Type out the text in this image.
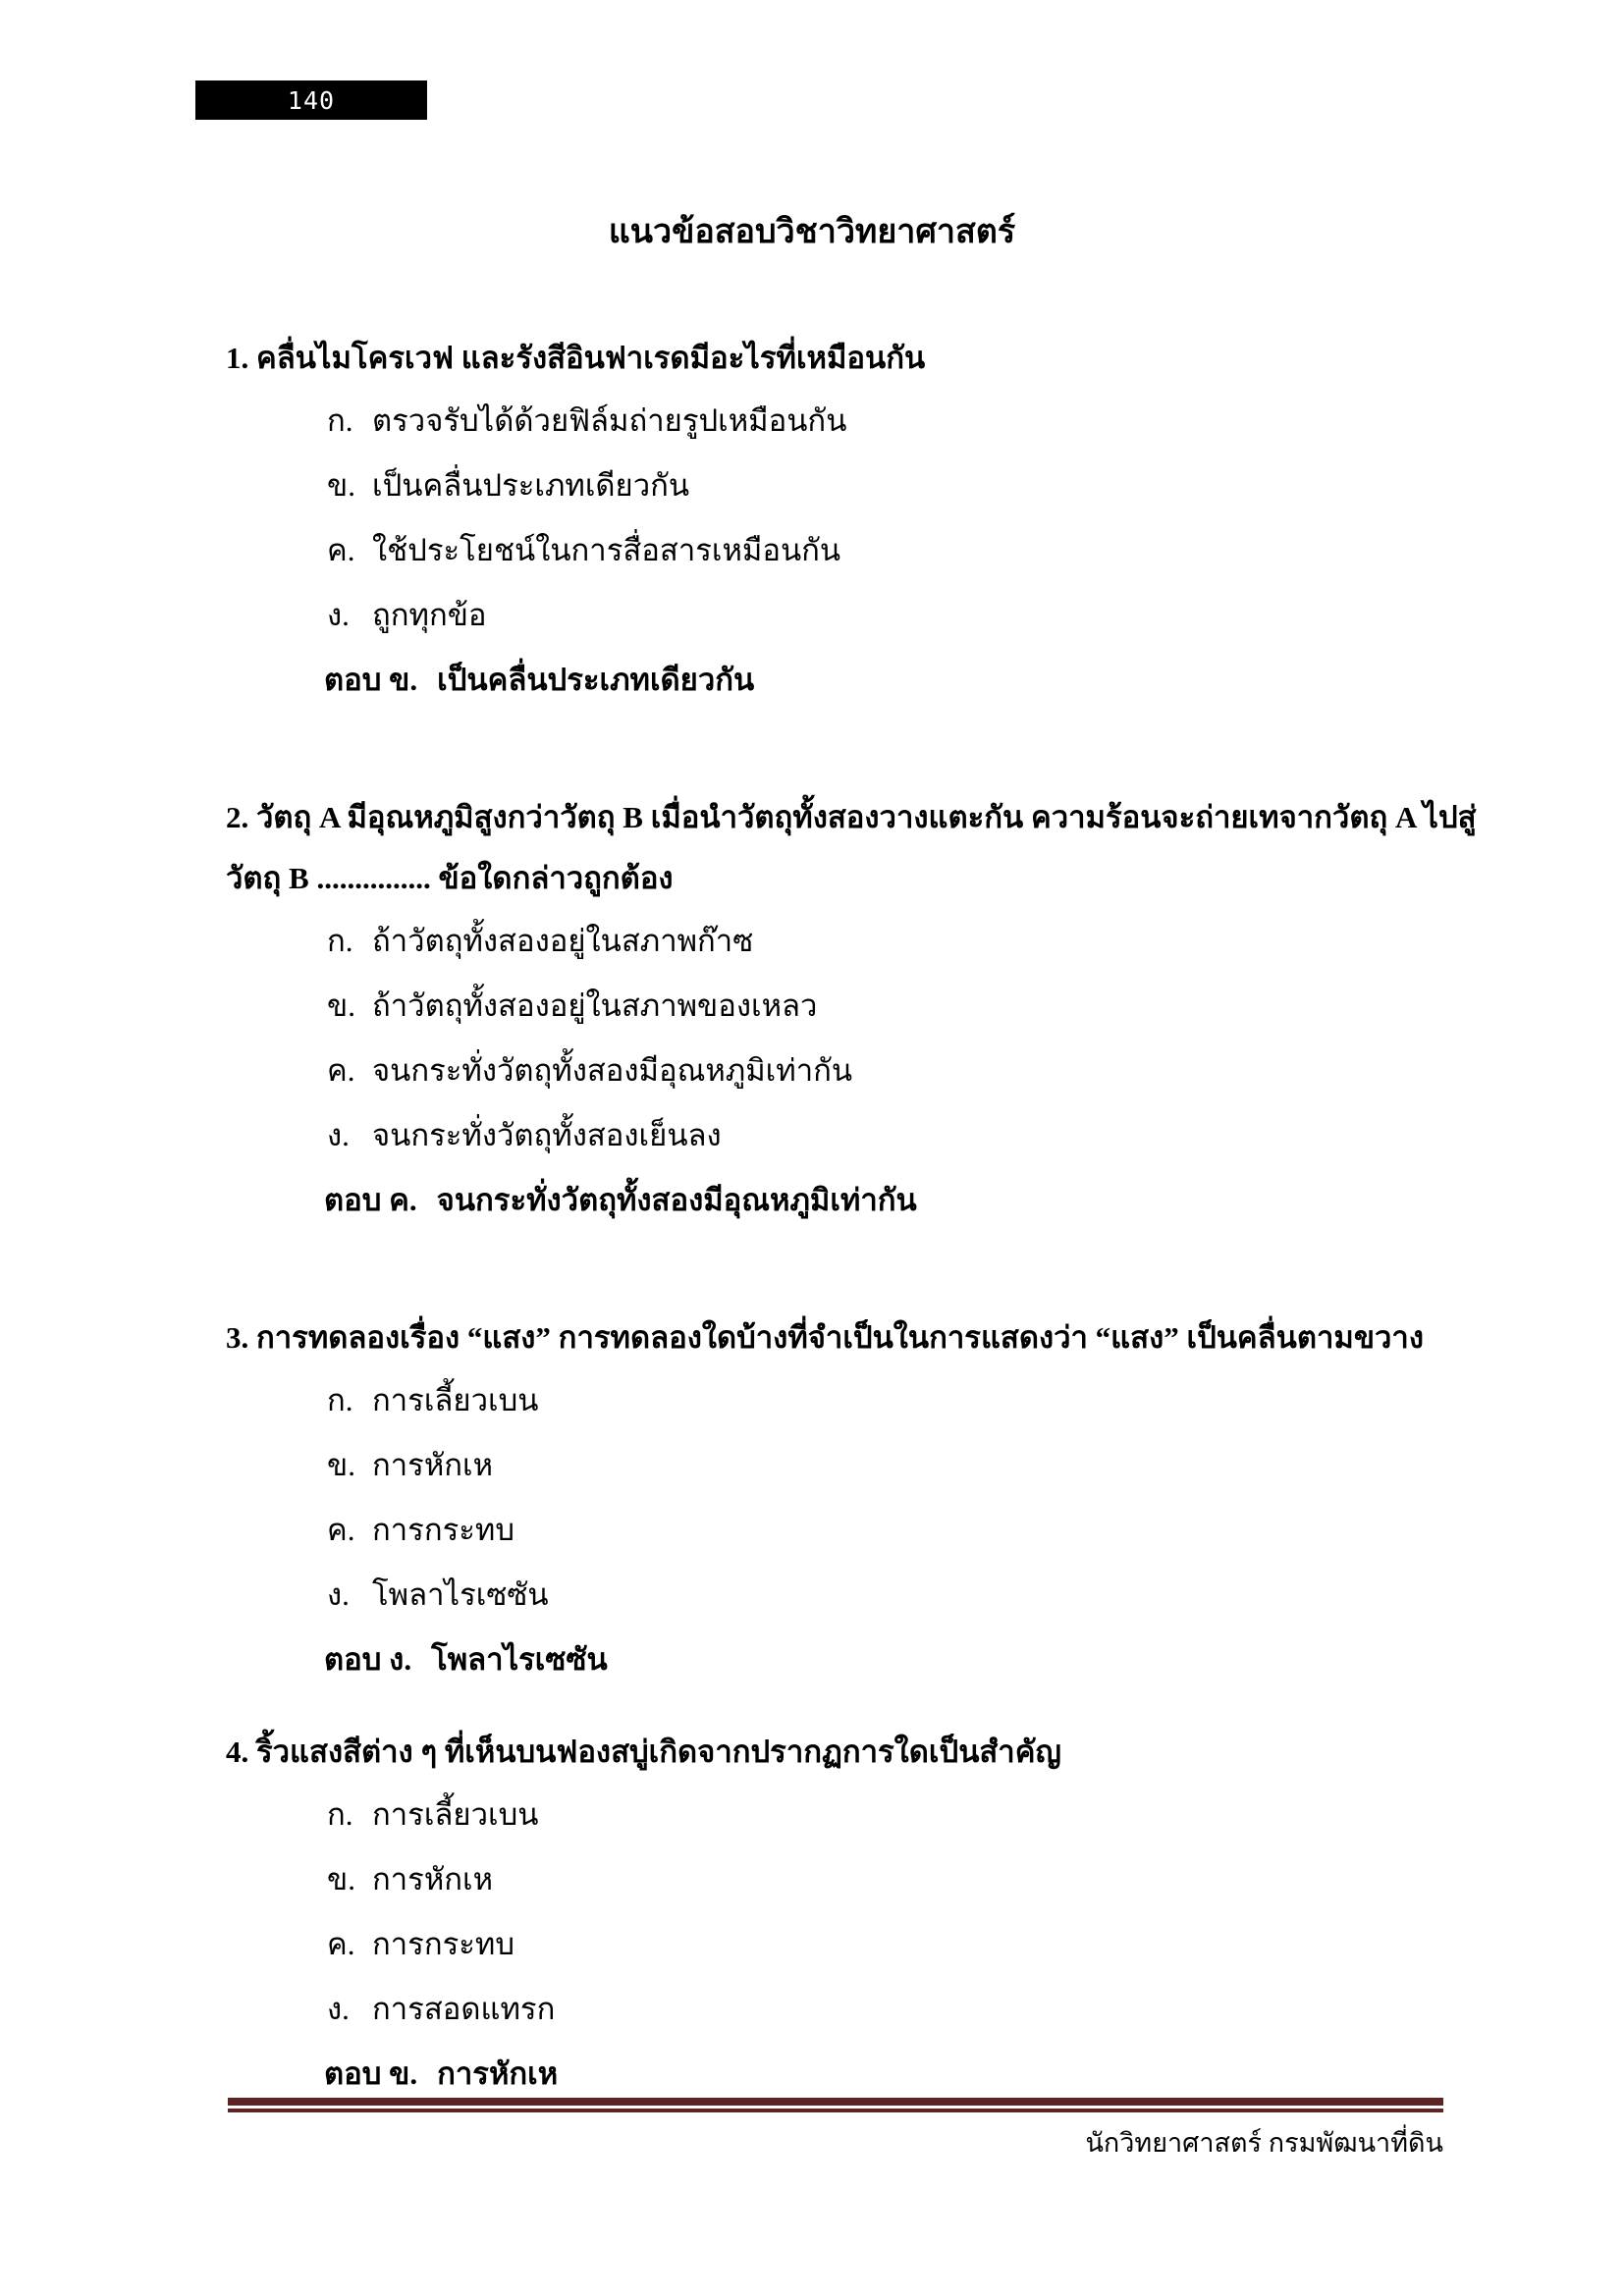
140
แนวข้อสอบวิชาวิทยาศาสตร์
1. คลื่นไมโครเวฟ และรังสีอินฟาเรดมีอะไรที่เหมือนกัน
ก. ตรวจรับได้ด้วยฟิล์มถ่ายรูปเหมือนกัน
ข. เป็นคลื่นประเภทเดียวกัน
ค. ใช้ประโยชน์ในการสื่อสารเหมือนกัน
ง. ถูกทุกข้อ
ตอบ ข. เป็นคลื่นประเภทเดียวกัน
2. วัตถุ A มีอุณหภูมิสูงกว่าวัตถุ B เมื่อนำวัตถุทั้งสองวางแตะกัน ความร้อนจะถ่ายเทจากวัตถุ A ไปสู่
วัตถุ B ............... ข้อใดกล่าวถูกต้อง
ก. ถ้าวัตถุทั้งสองอยู่ในสภาพก๊าซ
ข. ถ้าวัตถุทั้งสองอยู่ในสภาพของเหลว
ค. จนกระทั่งวัตถุทั้งสองมีอุณหภูมิเท่ากัน
ง. จนกระทั่งวัตถุทั้งสองเย็นลง
ตอบ ค. จนกระทั่งวัตถุทั้งสองมีอุณหภูมิเท่ากัน
3. การทดลองเรื่อง “แสง” การทดลองใดบ้างที่จำเป็นในการแสดงว่า “แสง” เป็นคลื่นตามขวาง
ก. การเลี้ยวเบน
ข. การหักเห
ค. การกระทบ
ง. โพลาไรเซซัน
ตอบ ง. โพลาไรเซซัน
4. ริ้วแสงสีต่าง ๆ ที่เห็นบนฟองสบู่เกิดจากปรากฏการใดเป็นสำคัญ
ก. การเลี้ยวเบน
ข. การหักเห
ค. การกระทบ
ง. การสอดแทรก
ตอบ ข. การหักเห
นักวิทยาศาสตร์ กรมพัฒนาที่ดิน
